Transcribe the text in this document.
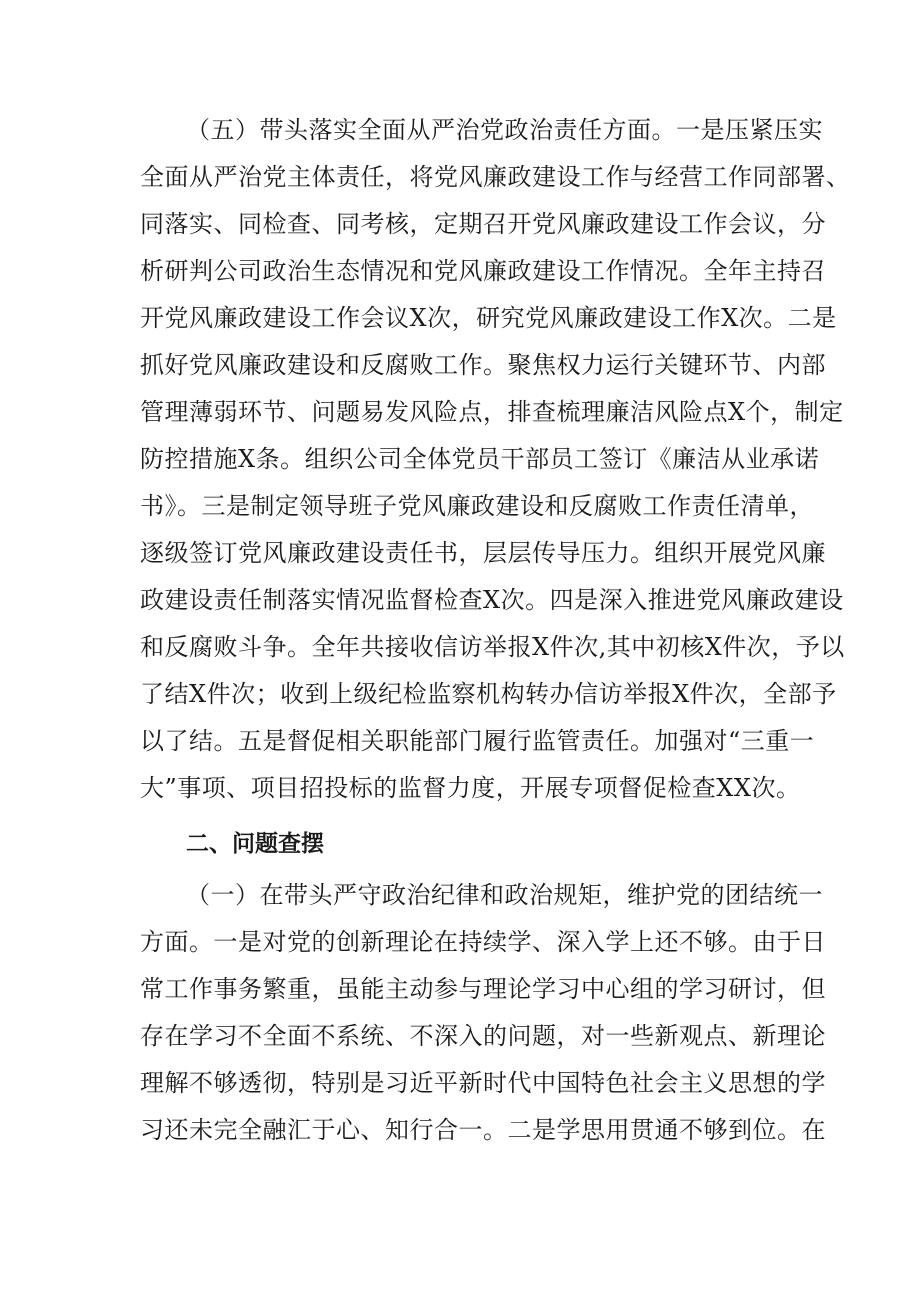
（五）带头落实全面从严治党政治责任方面。一是压紧压实
全面从严治党主体责任，将党风廉政建设工作与经营工作同部署、
同落实、同检查、同考核，定期召开党风廉政建设工作会议，分
析研判公司政治生态情况和党风廉政建设工作情况。全年主持召
开党风廉政建设工作会议X次，研究党风廉政建设工作X次。二是
抓好党风廉政建设和反腐败工作。聚焦权力运行关键环节、内部
管理薄弱环节、问题易发风险点，排查梳理廉洁风险点X个，制定
防控措施X条。组织公司全体党员干部员工签订《廉洁从业承诺
书》。三是制定领导班子党风廉政建设和反腐败工作责任清单，
逐级签订党风廉政建设责任书，层层传导压力。组织开展党风廉
政建设责任制落实情况监督检查X次。四是深入推进党风廉政建设
和反腐败斗争。全年共接收信访举报X件次,其中初核X件次，予以
了结X件次；收到上级纪检监察机构转办信访举报X件次，全部予
以了结。五是督促相关职能部门履行监管责任。加强对“三重一
大”事项、项目招投标的监督力度，开展专项督促检查XX次。
二、问题查摆
（一）在带头严守政治纪律和政治规矩，维护党的团结统一
方面。一是对党的创新理论在持续学、深入学上还不够。由于日
常工作事务繁重，虽能主动参与理论学习中心组的学习研讨，但
存在学习不全面不系统、不深入的问题，对一些新观点、新理论
理解不够透彻，特别是习近平新时代中国特色社会主义思想的学
习还未完全融汇于心、知行合一。二是学思用贯通不够到位。在
